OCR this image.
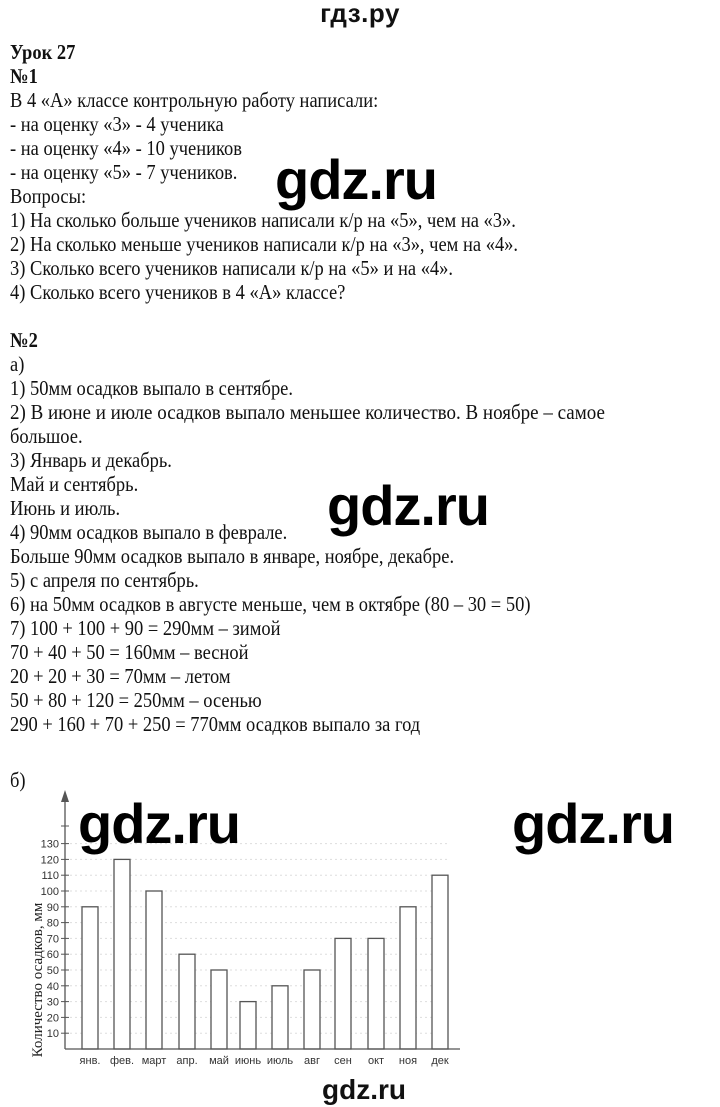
гдз.ру
Урок 27
№1
В 4 «А» классе контрольную работу написали:
- на оценку «3» - 4 ученика
- на оценку «4» - 10 учеников
- на оценку «5» - 7 учеников.
Вопросы:
1) На сколько больше учеников написали к/р на «5», чем на «3».
2) На сколько меньше учеников написали к/р на «3», чем на «4».
3) Сколько всего учеников написали к/р на «5» и на «4».
4) Сколько всего учеников в 4 «А» классе?
№2
а)
1) 50мм осадков выпало в сентябре.
2) В июне и июле осадков выпало меньшее количество. В ноябре – самое
большое.
3) Январь и декабрь.
Май и сентябрь.
Июнь и июль.
4) 90мм осадков выпало в феврале.
Больше 90мм осадков выпало в январе, ноябре, декабре.
5) с апреля по сентябрь.
6) на 50мм осадков в августе меньше, чем в октябре (80 – 30 = 50)
7) 100 + 100 + 90 = 290мм – зимой
70 + 40 + 50 = 160мм – весной
20 + 20 + 30 = 70мм – летом
50 + 80 + 120 = 250мм – осенью
290 + 160 + 70 + 250 = 770мм осадков выпало за год
б)
янв. фев. март апр. май июнь июль авг сен окт ноя дек
10
20
30
40
50
60
70
80
90
100
110
120
130
Количество осадков, мм
gdz.ru
gdz.ru
gdz.ru	gdz.ru
gdz.ru
